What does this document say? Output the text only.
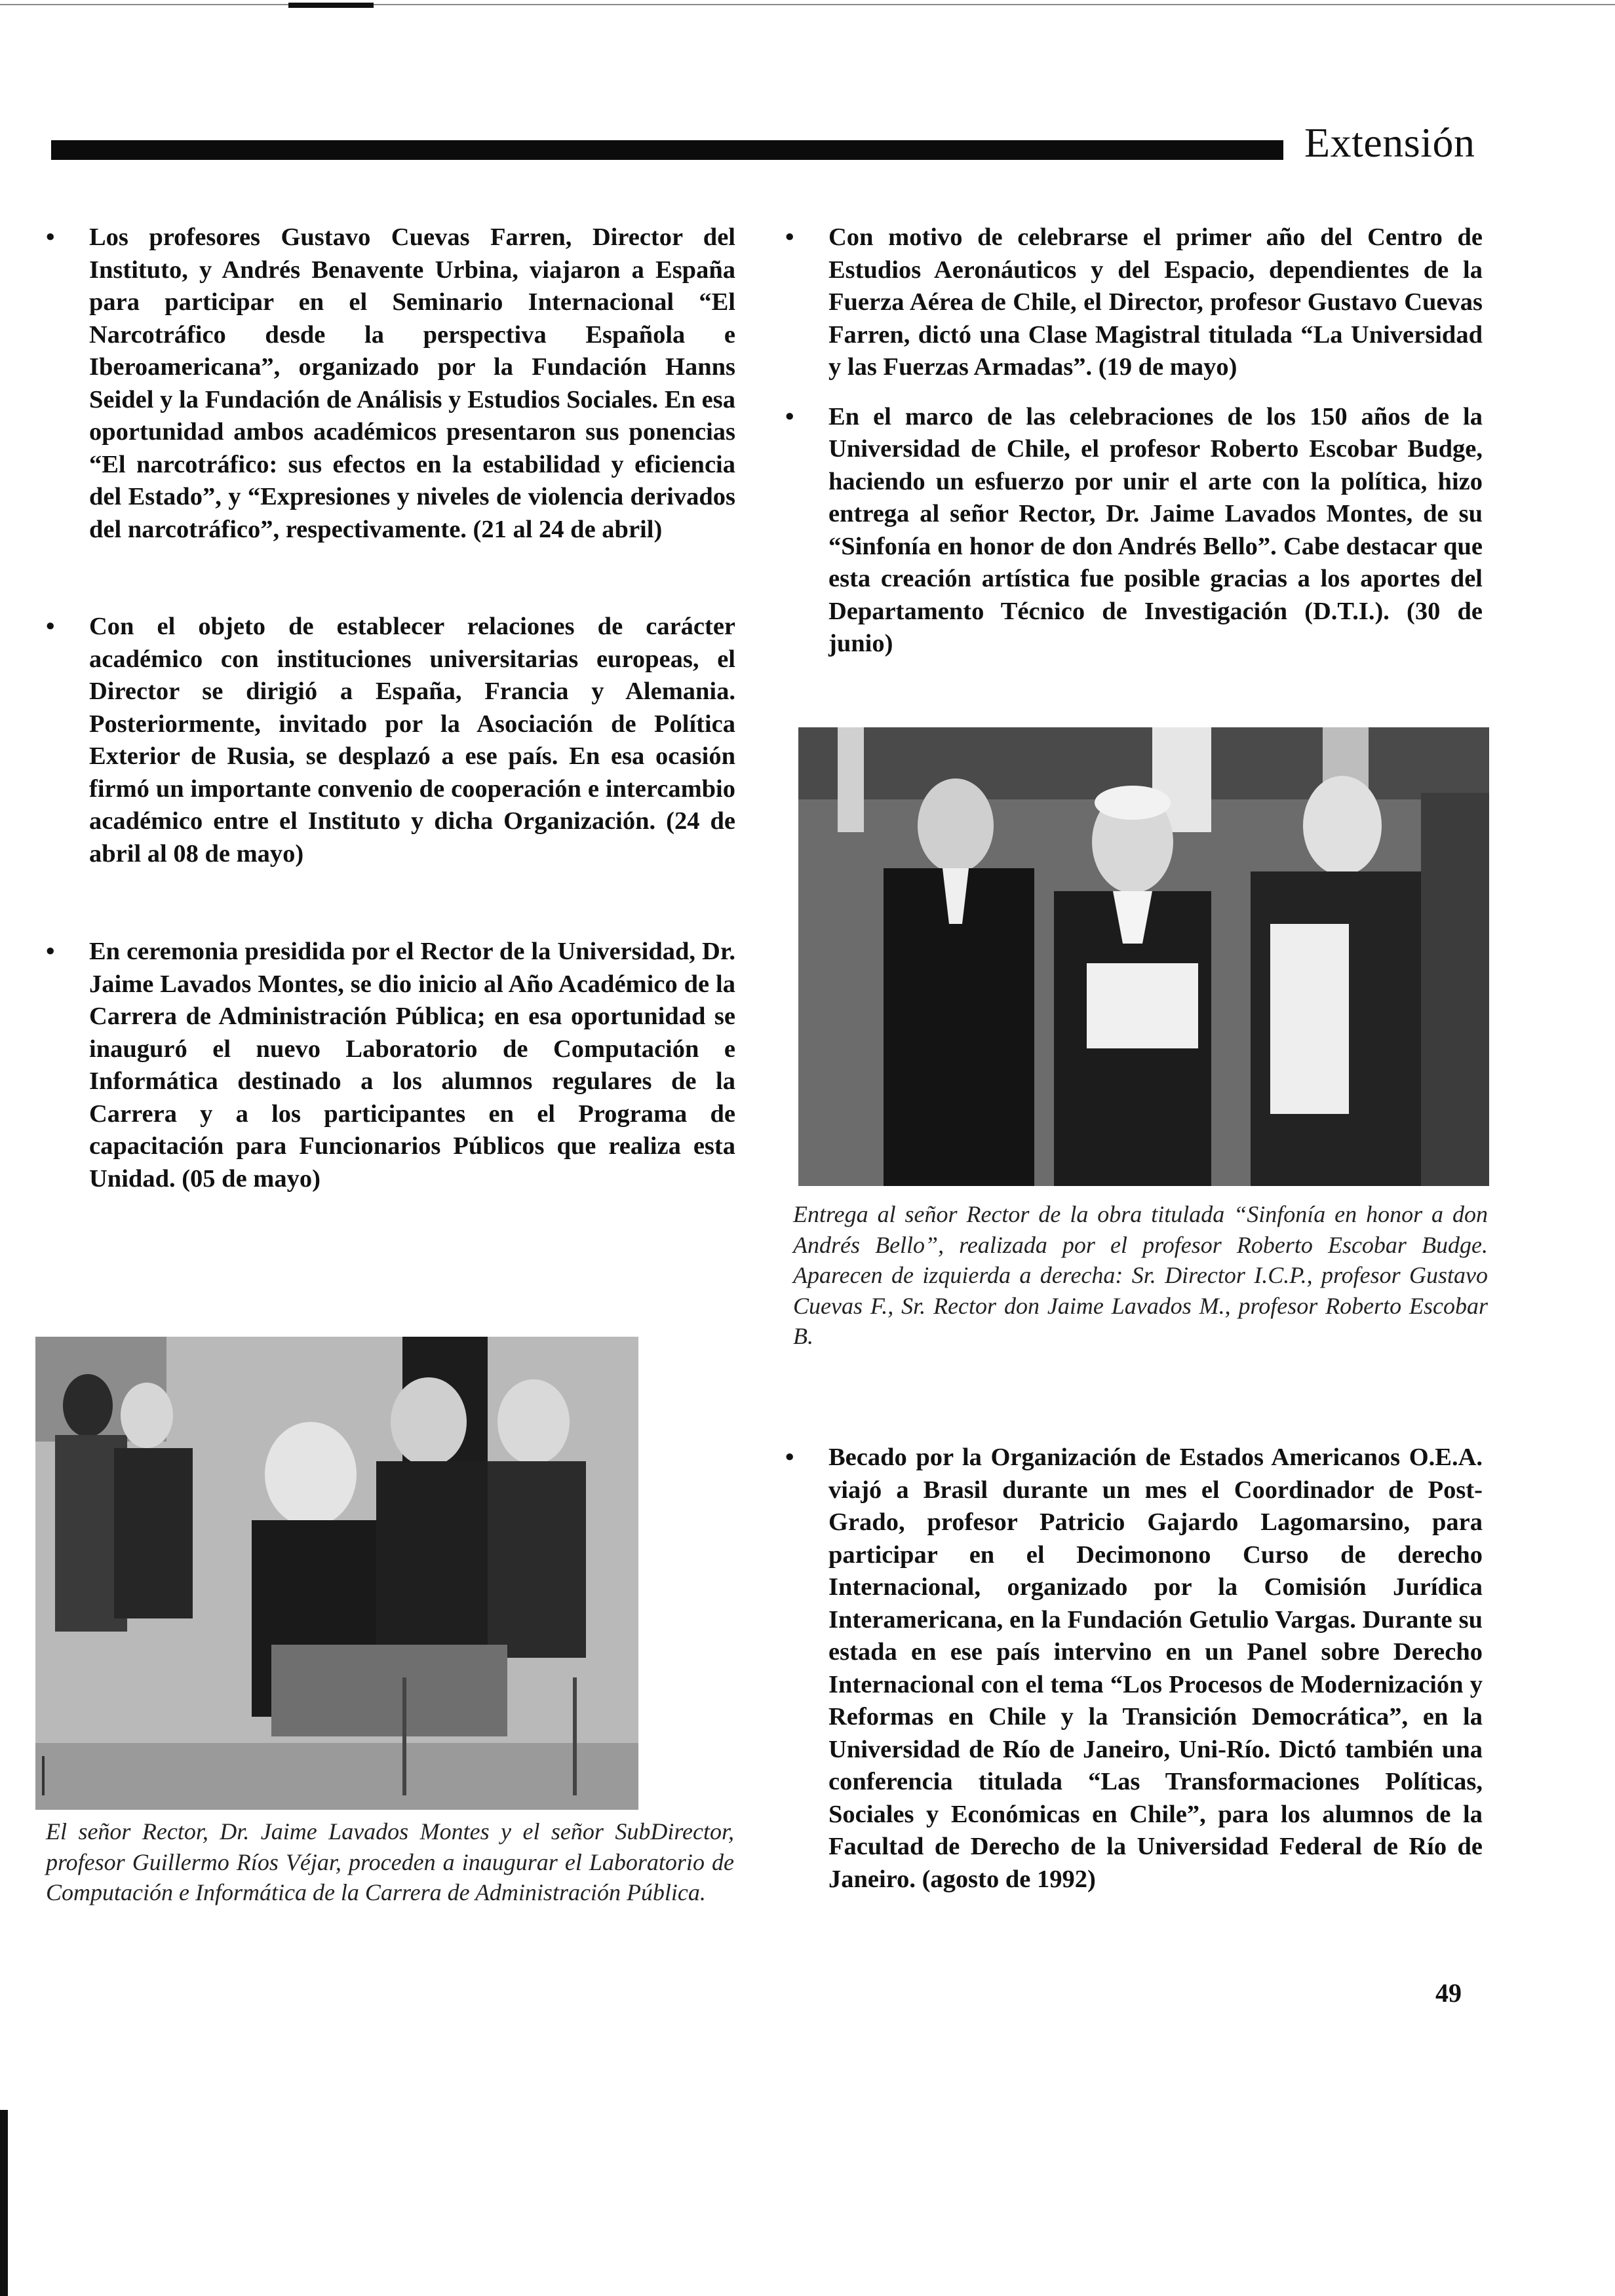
Extensión
• Los profesores Gustavo Cuevas Farren, Director del Instituto, y Andrés Benavente Urbina, viajaron a España para participar en el Seminario Internacional “El Narcotráfico desde la perspectiva Española e Iberoamericana”, organizado por la Fundación Hanns Seidel y la Fundación de Análisis y Estudios Sociales. En esa oportunidad ambos académicos presentaron sus ponencias “El narcotráfico: sus efectos en la estabilidad y eficiencia del Estado”, y “Expresiones y niveles de violencia derivados del narcotráfico”, respectivamente. (21 al 24 de abril)
• Con el objeto de establecer relaciones de carácter académico con instituciones universitarias europeas, el Director se dirigió a España, Francia y Alemania. Posteriormente, invitado por la Asociación de Política Exterior de Rusia, se desplazó a ese país. En esa ocasión firmó un importante convenio de cooperación e intercambio académico entre el Instituto y dicha Organización. (24 de abril al 08 de mayo)
• En ceremonia presidida por el Rector de la Universidad, Dr. Jaime Lavados Montes, se dio inicio al Año Académico de la Carrera de Administración Pública; en esa oportunidad se inauguró el nuevo Laboratorio de Computación e Informática destinado a los alumnos regulares de la Carrera y a los participantes en el Programa de capacitación para Funcionarios Públicos que realiza esta Unidad. (05 de mayo)
El señor Rector, Dr. Jaime Lavados Montes y el señor SubDirector, profesor Guillermo Ríos Véjar, proceden a inaugurar el Laboratorio de Computación e Informática de la Carrera de Administración Pública.
• Con motivo de celebrarse el primer año del Centro de Estudios Aeronáuticos y del Espacio, dependientes de la Fuerza Aérea de Chile, el Director, profesor Gustavo Cuevas Farren, dictó una Clase Magistral titulada “La Universidad y las Fuerzas Armadas”. (19 de mayo)
• En el marco de las celebraciones de los 150 años de la Universidad de Chile, el profesor Roberto Escobar Budge, haciendo un esfuerzo por unir el arte con la política, hizo entrega al señor Rector, Dr. Jaime Lavados Montes, de su “Sinfonía en honor de don Andrés Bello”. Cabe destacar que esta creación artística fue posible gracias a los aportes del Departamento Técnico de Investigación (D.T.I.). (30 de junio)
Entrega al señor Rector de la obra titulada “Sinfonía en honor a don Andrés Bello”, realizada por el profesor Roberto Escobar Budge. Aparecen de izquierda a derecha: Sr. Director I.C.P., profesor Gustavo Cuevas F., Sr. Rector don Jaime Lavados M., profesor Roberto Escobar B.
• Becado por la Organización de Estados Americanos O.E.A. viajó a Brasil durante un mes el Coordinador de Post-Grado, profesor Patricio Gajardo Lagomarsino, para participar en el Decimonono Curso de derecho Internacional, organizado por la Comisión Jurídica Interamericana, en la Fundación Getulio Vargas. Durante su estada en ese país intervino en un Panel sobre Derecho Internacional con el tema “Los Procesos de Modernización y Reformas en Chile y la Transición Democrática”, en la Universidad de Río de Janeiro, Uni-Río. Dictó también una conferencia titulada “Las Transformaciones Políticas, Sociales y Económicas en Chile”, para los alumnos de la Facultad de Derecho de la Universidad Federal de Río de Janeiro. (agosto de 1992)
49
